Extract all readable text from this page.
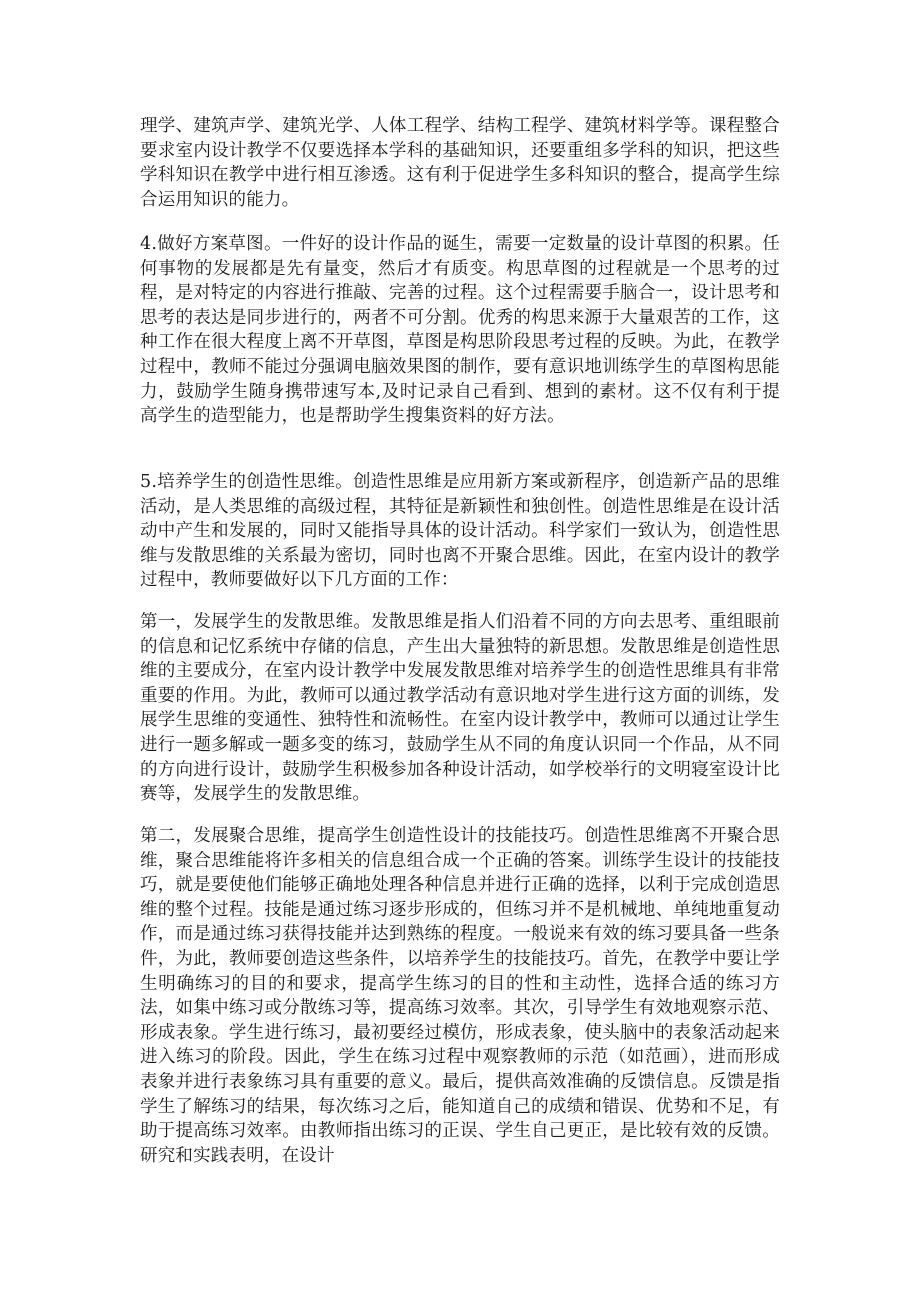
理学、建筑声学、建筑光学、人体工程学、结构工程学、建筑材料学等。课程整合要求室内设计教学不仅要选择本学科的基础知识，还要重组多学科的知识，把这些学科知识在教学中进行相互渗透。这有利于促进学生多科知识的整合，提高学生综合运用知识的能力。

4.做好方案草图。一件好的设计作品的诞生，需要一定数量的设计草图的积累。任何事物的发展都是先有量变，然后才有质变。构思草图的过程就是一个思考的过程，是对特定的内容进行推敲、完善的过程。这个过程需要手脑合一，设计思考和思考的表达是同步进行的，两者不可分割。优秀的构思来源于大量艰苦的工作，这种工作在很大程度上离不开草图，草图是构思阶段思考过程的反映。为此，在教学过程中，教师不能过分强调电脑效果图的制作，要有意识地训练学生的草图构思能力，鼓励学生随身携带速写本,及时记录自己看到、想到的素材。这不仅有利于提高学生的造型能力，也是帮助学生搜集资料的好方法。

5.培养学生的创造性思维。创造性思维是应用新方案或新程序，创造新产品的思维活动，是人类思维的高级过程，其特征是新颖性和独创性。创造性思维是在设计活动中产生和发展的，同时又能指导具体的设计活动。科学家们一致认为，创造性思维与发散思维的关系最为密切，同时也离不开聚合思维。因此，在室内设计的教学过程中，教师要做好以下几方面的工作：

第一，发展学生的发散思维。发散思维是指人们沿着不同的方向去思考、重组眼前的信息和记忆系统中存储的信息，产生出大量独特的新思想。发散思维是创造性思维的主要成分，在室内设计教学中发展发散思维对培养学生的创造性思维具有非常重要的作用。为此，教师可以通过教学活动有意识地对学生进行这方面的训练，发展学生思维的变通性、独特性和流畅性。在室内设计教学中，教师可以通过让学生进行一题多解或一题多变的练习，鼓励学生从不同的角度认识同一个作品，从不同的方向进行设计，鼓励学生积极参加各种设计活动，如学校举行的文明寝室设计比赛等，发展学生的发散思维。

第二，发展聚合思维，提高学生创造性设计的技能技巧。创造性思维离不开聚合思维，聚合思维能将许多相关的信息组合成一个正确的答案。训练学生设计的技能技巧，就是要使他们能够正确地处理各种信息并进行正确的选择，以利于完成创造思维的整个过程。技能是通过练习逐步形成的，但练习并不是机械地、单纯地重复动作，而是通过练习获得技能并达到熟练的程度。一般说来有效的练习要具备一些条件，为此，教师要创造这些条件，以培养学生的技能技巧。首先，在教学中要让学生明确练习的目的和要求，提高学生练习的目的性和主动性，选择合适的练习方法，如集中练习或分散练习等，提高练习效率。其次，引导学生有效地观察示范、形成表象。学生进行练习，最初要经过模仿，形成表象，使头脑中的表象活动起来进入练习的阶段。因此，学生在练习过程中观察教师的示范（如范画），进而形成表象并进行表象练习具有重要的意义。最后，提供高效准确的反馈信息。反馈是指学生了解练习的结果，每次练习之后，能知道自己的成绩和错误、优势和不足，有助于提高练习效率。由教师指出练习的正误、学生自己更正，是比较有效的反馈。研究和实践表明，在设计
